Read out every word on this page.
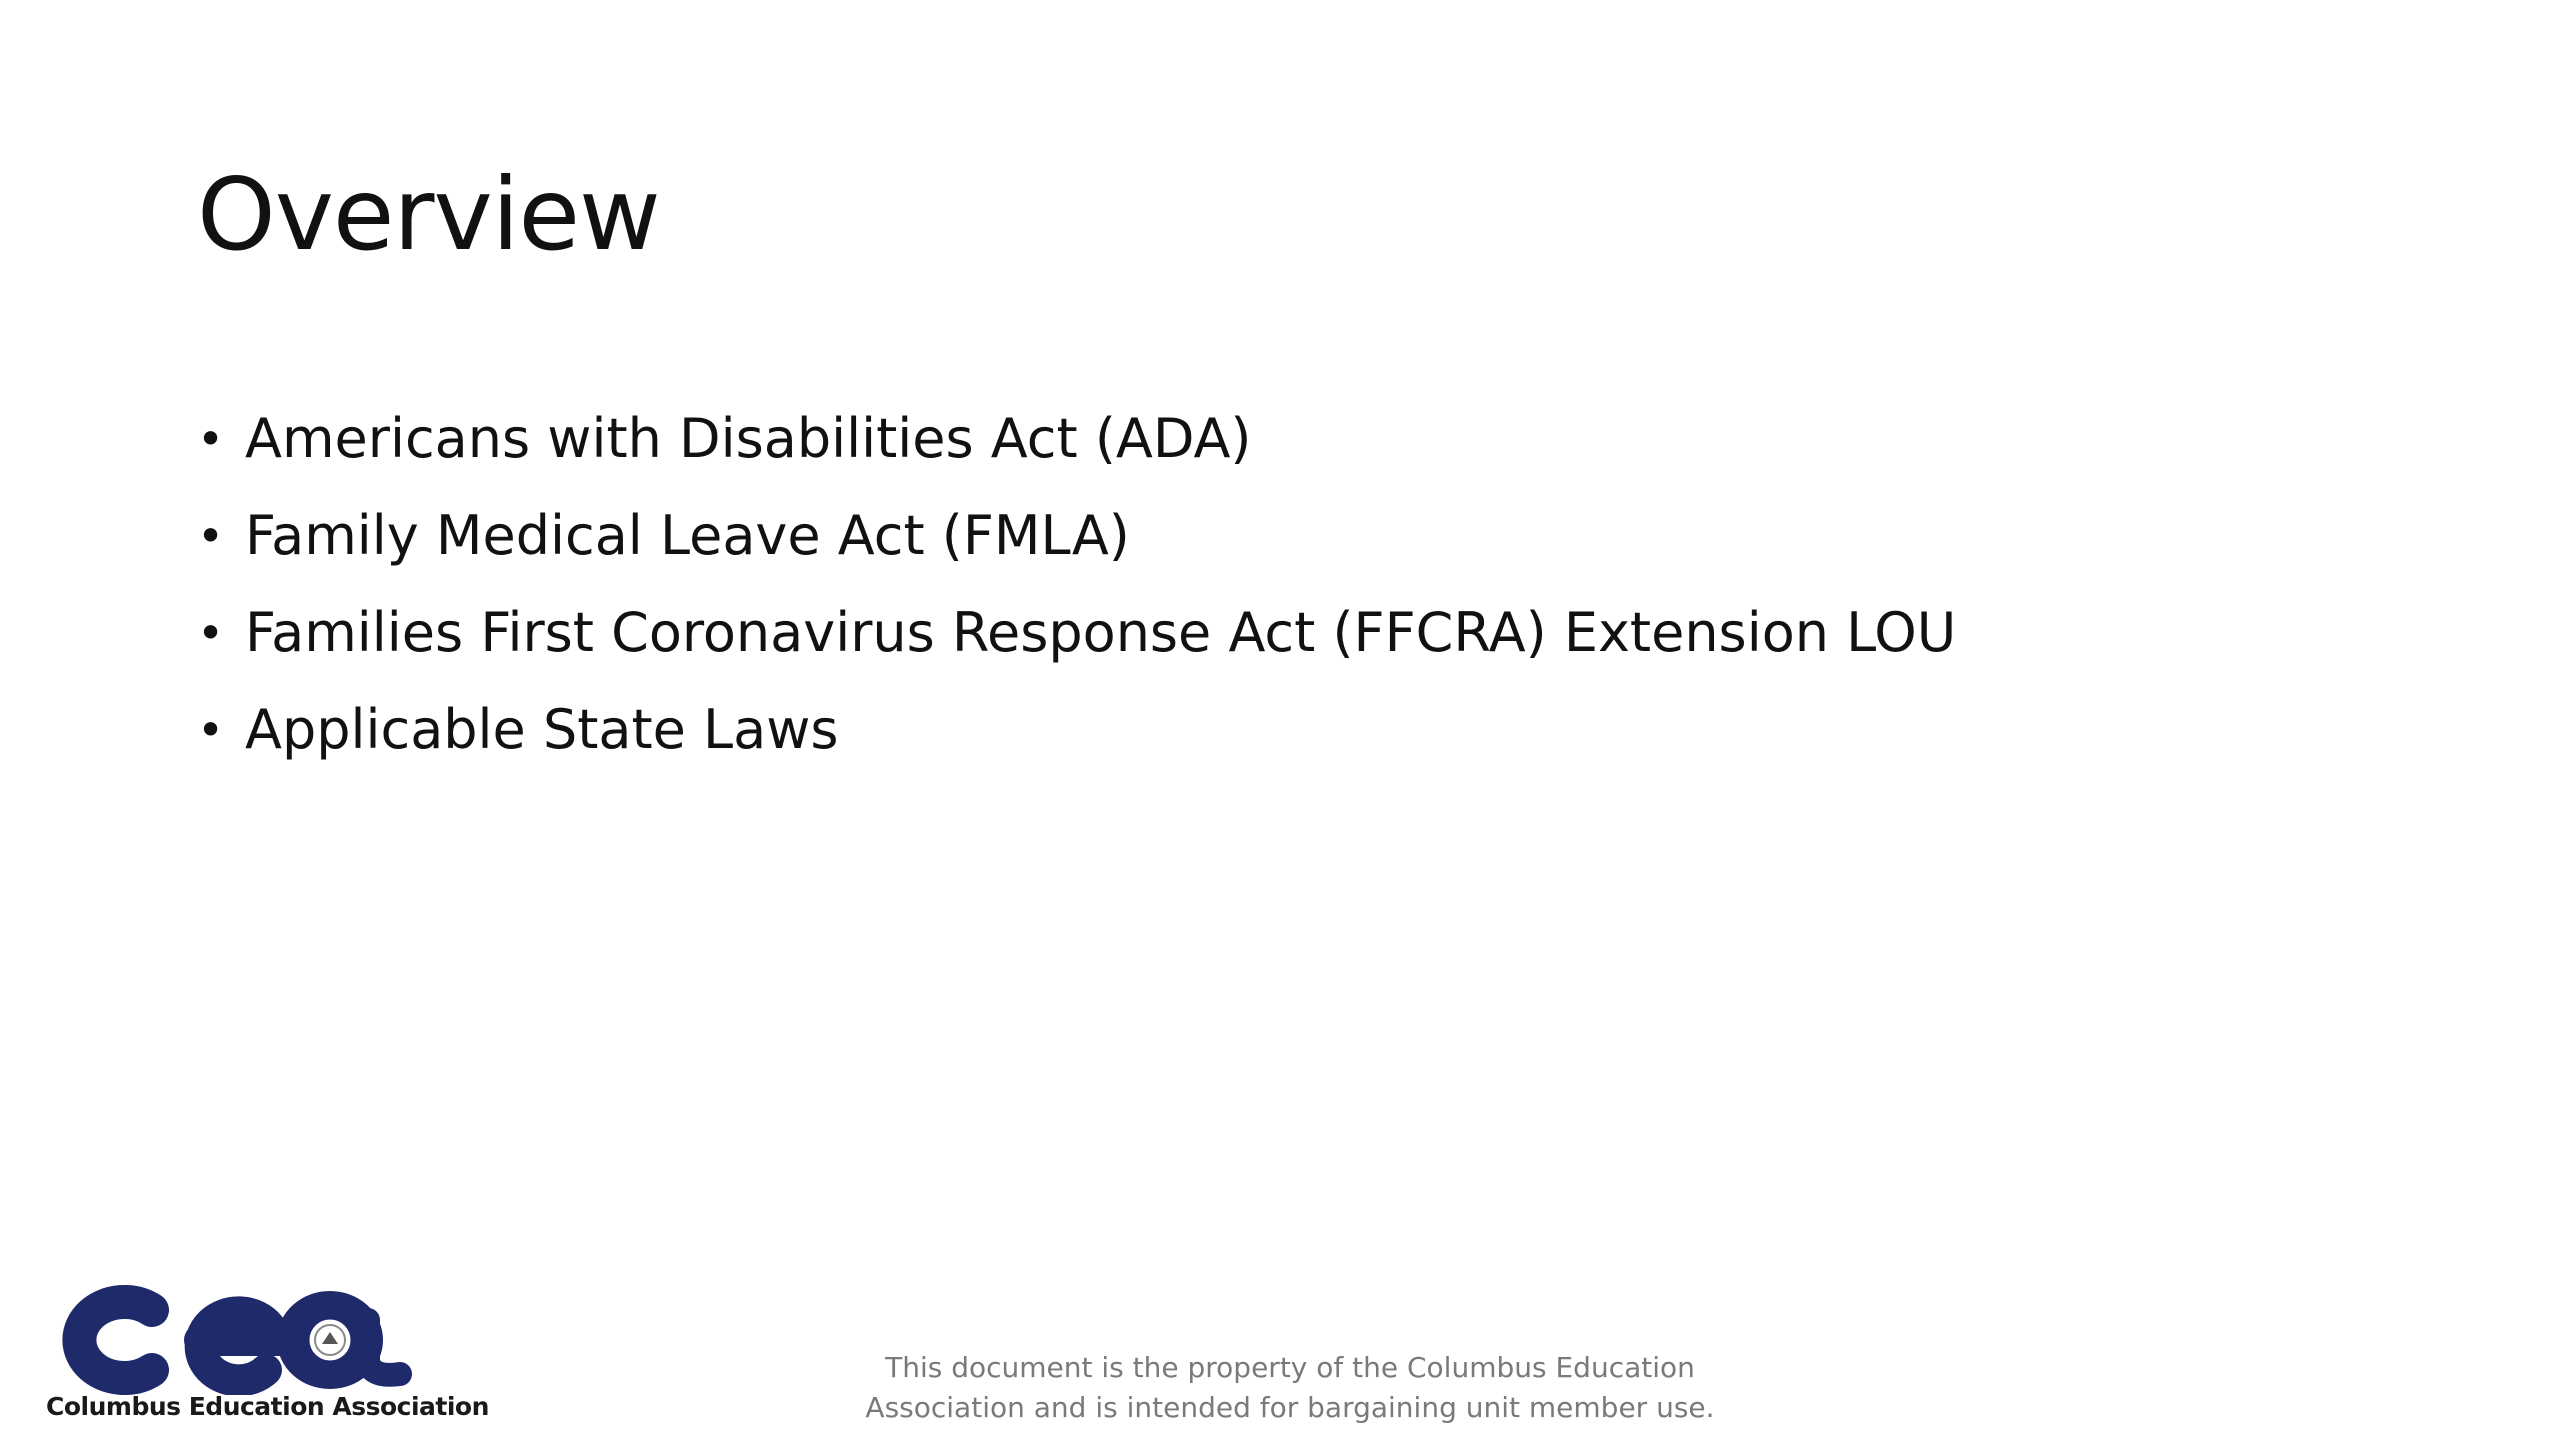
Overview
• Americans with Disabilities Act (ADA)
• Family Medical Leave Act (FMLA)
• Families First Coronavirus Response Act (FFCRA) Extension LOU
• Applicable State Laws
Columbus Education Association
This document is the property of the Columbus Education
Association and is intended for bargaining unit member use.
